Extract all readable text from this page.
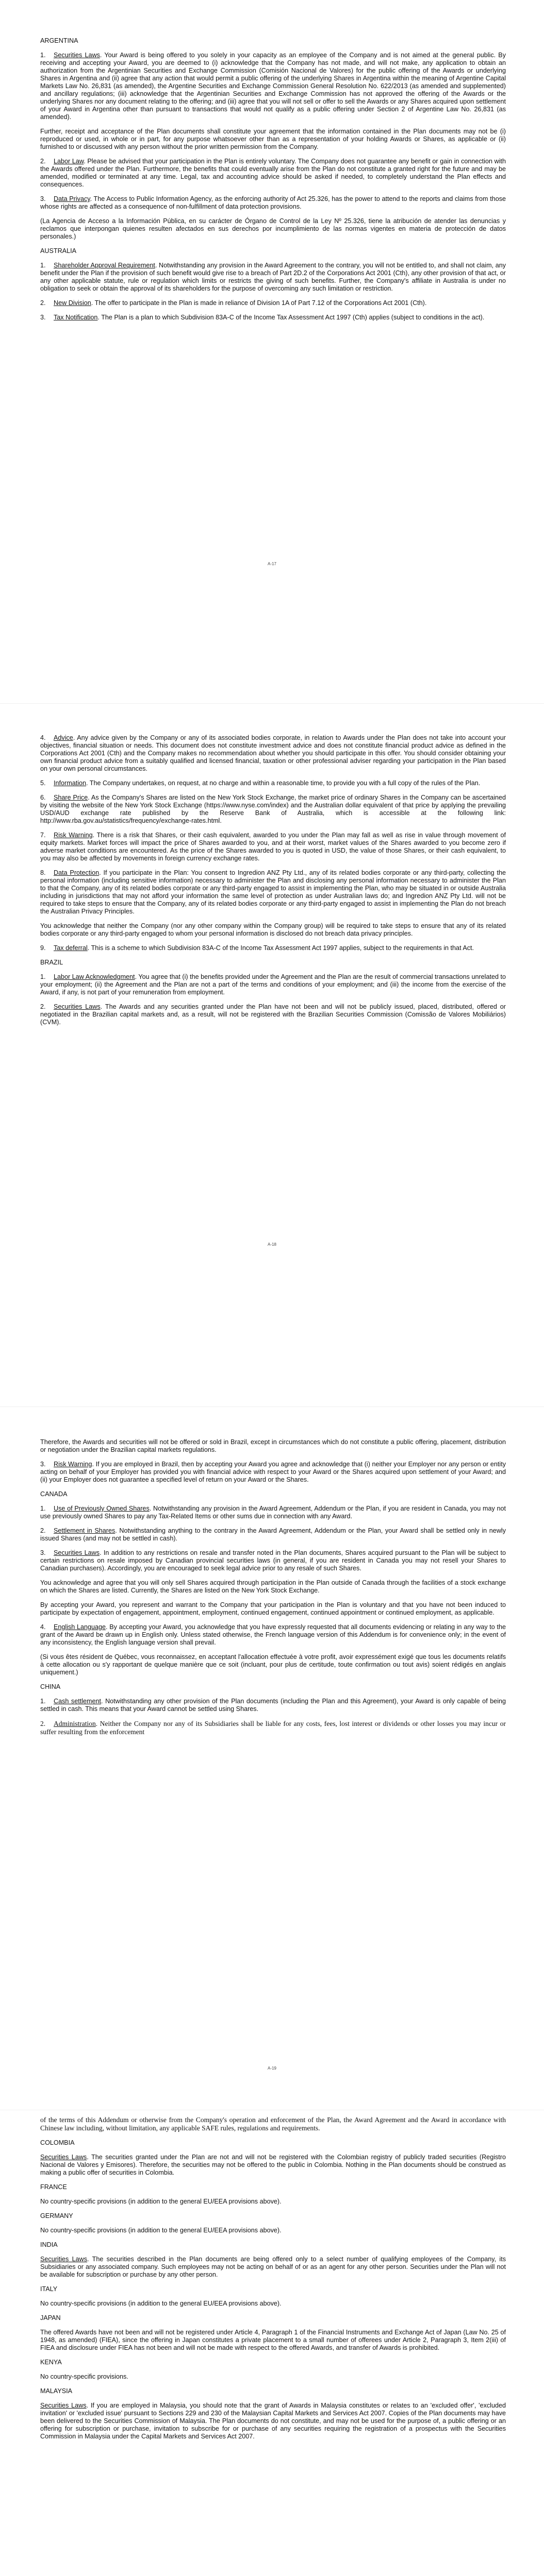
ARGENTINA

1. Securities Laws. Your Award is being offered to you solely in your capacity as an employee of the Company and is not aimed at the general public. By receiving and accepting your Award, you are deemed to (i) acknowledge that the Company has not made, and will not make, any application to obtain an authorization from the Argentinian Securities and Exchange Commission (Comisión Nacional de Valores) for the public offering of the Awards or underlying Shares in Argentina and (ii) agree that any action that would permit a public offering of the underlying Shares in Argentina within the meaning of Argentine Capital Markets Law No. 26,831 (as amended), the Argentine Securities and Exchange Commission General Resolution No. 622/2013 (as amended and supplemented) and ancillary regulations; (iii) acknowledge that the Argentinian Securities and Exchange Commission has not approved the offering of the Awards or the underlying Shares nor any document relating to the offering; and (iii) agree that you will not sell or offer to sell the Awards or any Shares acquired upon settlement of your Award in Argentina other than pursuant to transactions that would not qualify as a public offering under Section 2 of Argentine Law No. 26,831 (as amended).

Further, receipt and acceptance of the Plan documents shall constitute your agreement that the information contained in the Plan documents may not be (i) reproduced or used, in whole or in part, for any purpose whatsoever other than as a representation of your holding Awards or Shares, as applicable or (ii) furnished to or discussed with any person without the prior written permission from the Company.

2. Labor Law. Please be advised that your participation in the Plan is entirely voluntary. The Company does not guarantee any benefit or gain in connection with the Awards offered under the Plan. Furthermore, the benefits that could eventually arise from the Plan do not constitute a granted right for the future and may be amended, modified or terminated at any time. Legal, tax and accounting advice should be asked if needed, to completely understand the Plan effects and consequences.

3. Data Privacy. The Access to Public Information Agency, as the enforcing authority of Act 25.326, has the power to attend to the reports and claims from those whose rights are affected as a consequence of non-fulfillment of data protection provisions.

(La Agencia de Acceso a la Información Pública, en su carácter de Órgano de Control de la Ley Nº 25.326, tiene la atribución de atender las denuncias y reclamos que interpongan quienes resulten afectados en sus derechos por incumplimiento de las normas vigentes en materia de protección de datos personales.)

AUSTRALIA

1. Shareholder Approval Requirement. Notwithstanding any provision in the Award Agreement to the contrary, you will not be entitled to, and shall not claim, any benefit under the Plan if the provision of such benefit would give rise to a breach of Part 2D.2 of the Corporations Act 2001 (Cth), any other provision of that act, or any other applicable statute, rule or regulation which limits or restricts the giving of such benefits. Further, the Company's affiliate in Australia is under no obligation to seek or obtain the approval of its shareholders for the purpose of overcoming any such limitation or restriction.

2. New Division. The offer to participate in the Plan is made in reliance of Division 1A of Part 7.12 of the Corporations Act 2001 (Cth).

3. Tax Notification. The Plan is a plan to which Subdivision 83A-C of the Income Tax Assessment Act 1997 (Cth) applies (subject to conditions in the act).

A-17

4. Advice. Any advice given by the Company or any of its associated bodies corporate, in relation to Awards under the Plan does not take into account your objectives, financial situation or needs. This document does not constitute investment advice and does not constitute financial product advice as defined in the Corporations Act 2001 (Cth) and the Company makes no recommendation about whether you should participate in this offer. You should consider obtaining your own financial product advice from a suitably qualified and licensed financial, taxation or other professional adviser regarding your participation in the Plan based on your own personal circumstances.

5. Information. The Company undertakes, on request, at no charge and within a reasonable time, to provide you with a full copy of the rules of the Plan.

6. Share Price. As the Company's Shares are listed on the New York Stock Exchange, the market price of ordinary Shares in the Company can be ascertained by visiting the website of the New York Stock Exchange (https://www.nyse.com/index) and the Australian dollar equivalent of that price by applying the prevailing USD/AUD exchange rate published by the Reserve Bank of Australia, which is accessible at the following link: http://www.rba.gov.au/statistics/frequency/exchange-rates.html.

7. Risk Warning. There is a risk that Shares, or their cash equivalent, awarded to you under the Plan may fall as well as rise in value through movement of equity markets. Market forces will impact the price of Shares awarded to you, and at their worst, market values of the Shares awarded to you become zero if adverse market conditions are encountered. As the price of the Shares awarded to you is quoted in USD, the value of those Shares, or their cash equivalent, to you may also be affected by movements in foreign currency exchange rates.

8. Data Protection. If you participate in the Plan: You consent to Ingredion ANZ Pty Ltd., any of its related bodies corporate or any third-party, collecting the personal information (including sensitive information) necessary to administer the Plan and disclosing any personal information necessary to administer the Plan to that the Company, any of its related bodies corporate or any third-party engaged to assist in implementing the Plan, who may be situated in or outside Australia including in jurisdictions that may not afford your information the same level of protection as under Australian laws do; and Ingredion ANZ Pty Ltd. will not be required to take steps to ensure that the Company, any of its related bodies corporate or any third-party engaged to assist in implementing the Plan do not breach the Australian Privacy Principles.

You acknowledge that neither the Company (nor any other company within the Company group) will be required to take steps to ensure that any of its related bodies corporate or any third-party engaged to whom your personal information is disclosed do not breach data privacy principles.

9. Tax deferral. This is a scheme to which Subdivision 83A-C of the Income Tax Assessment Act 1997 applies, subject to the requirements in that Act.

BRAZIL

1. Labor Law Acknowledgment. You agree that (i) the benefits provided under the Agreement and the Plan are the result of commercial transactions unrelated to your employment; (ii) the Agreement and the Plan are not a part of the terms and conditions of your employment; and (iii) the income from the exercise of the Award, if any, is not part of your remuneration from employment.

2. Securities Laws. The Awards and any securities granted under the Plan have not been and will not be publicly issued, placed, distributed, offered or negotiated in the Brazilian capital markets and, as a result, will not be registered with the Brazilian Securities Commission (Comissão de Valores Mobiliários) (CVM).

A-18

Therefore, the Awards and securities will not be offered or sold in Brazil, except in circumstances which do not constitute a public offering, placement, distribution or negotiation under the Brazilian capital markets regulations.

3. Risk Warning. If you are employed in Brazil, then by accepting your Award you agree and acknowledge that (i) neither your Employer nor any person or entity acting on behalf of your Employer has provided you with financial advice with respect to your Award or the Shares acquired upon settlement of your Award; and (ii) your Employer does not guarantee a specified level of return on your Award or the Shares.

CANADA

1. Use of Previously Owned Shares. Notwithstanding any provision in the Award Agreement, Addendum or the Plan, if you are resident in Canada, you may not use previously owned Shares to pay any Tax-Related Items or other sums due in connection with any Award.

2. Settlement in Shares. Notwithstanding anything to the contrary in the Award Agreement, Addendum or the Plan, your Award shall be settled only in newly issued Shares (and may not be settled in cash).

3. Securities Laws. In addition to any restrictions on resale and transfer noted in the Plan documents, Shares acquired pursuant to the Plan will be subject to certain restrictions on resale imposed by Canadian provincial securities laws (in general, if you are resident in Canada you may not resell your Shares to Canadian purchasers). Accordingly, you are encouraged to seek legal advice prior to any resale of such Shares.

You acknowledge and agree that you will only sell Shares acquired through participation in the Plan outside of Canada through the facilities of a stock exchange on which the Shares are listed. Currently, the Shares are listed on the New York Stock Exchange.

By accepting your Award, you represent and warrant to the Company that your participation in the Plan is voluntary and that you have not been induced to participate by expectation of engagement, appointment, employment, continued engagement, continued appointment or continued employment, as applicable.

4. English Language. By accepting your Award, you acknowledge that you have expressly requested that all documents evidencing or relating in any way to the grant of the Award be drawn up in English only. Unless stated otherwise, the French language version of this Addendum is for convenience only; in the event of any inconsistency, the English language version shall prevail.

(Si vous êtes résident de Québec, vous reconnaissez, en acceptant l'allocation effectuée à votre profit, avoir expressément exigé que tous les documents relatifs à cette allocation ou s'y rapportant de quelque manière que ce soit (incluant, pour plus de certitude, toute confirmation ou tout avis) soient rédigés en anglais uniquement.)

CHINA

1. Cash settlement. Notwithstanding any other provision of the Plan documents (including the Plan and this Agreement), your Award is only capable of being settled in cash. This means that your Award cannot be settled using Shares.

2. Administration. Neither the Company nor any of its Subsidiaries shall be liable for any costs, fees, lost interest or dividends or other losses you may incur or suffer resulting from the enforcement

A-19

of the terms of this Addendum or otherwise from the Company's operation and enforcement of the Plan, the Award Agreement and the Award in accordance with Chinese law including, without limitation, any applicable SAFE rules, regulations and requirements.

COLOMBIA

Securities Laws. The securities granted under the Plan are not and will not be registered with the Colombian registry of publicly traded securities (Registro Nacional de Valores y Emisores). Therefore, the securities may not be offered to the public in Colombia. Nothing in the Plan documents should be construed as making a public offer of securities in Colombia.

FRANCE

No country-specific provisions (in addition to the general EU/EEA provisions above).

GERMANY

No country-specific provisions (in addition to the general EU/EEA provisions above).

INDIA

Securities Laws. The securities described in the Plan documents are being offered only to a select number of qualifying employees of the Company, its Subsidiaries or any associated company. Such employees may not be acting on behalf of or as an agent for any other person. Securities under the Plan will not be available for subscription or purchase by any other person.

ITALY

No country-specific provisions (in addition to the general EU/EEA provisions above).

JAPAN

The offered Awards have not been and will not be registered under Article 4, Paragraph 1 of the Financial Instruments and Exchange Act of Japan (Law No. 25 of 1948, as amended) (FIEA), since the offering in Japan constitutes a private placement to a small number of offerees under Article 2, Paragraph 3, Item 2(iii) of FIEA and disclosure under FIEA has not been and will not be made with respect to the offered Awards, and transfer of Awards is prohibited.

KENYA

No country-specific provisions.

MALAYSIA

Securities Laws. If you are employed in Malaysia, you should note that the grant of Awards in Malaysia constitutes or relates to an 'excluded offer', 'excluded invitation' or 'excluded issue' pursuant to Sections 229 and 230 of the Malaysian Capital Markets and Services Act 2007. Copies of the Plan documents may have been delivered to the Securities Commission of Malaysia. The Plan documents do not constitute, and may not be used for the purpose of, a public offering or an offering for subscription or purchase, invitation to subscribe for or purchase of any securities requiring the registration of a prospectus with the Securities Commission in Malaysia under the Capital Markets and Services Act 2007.
